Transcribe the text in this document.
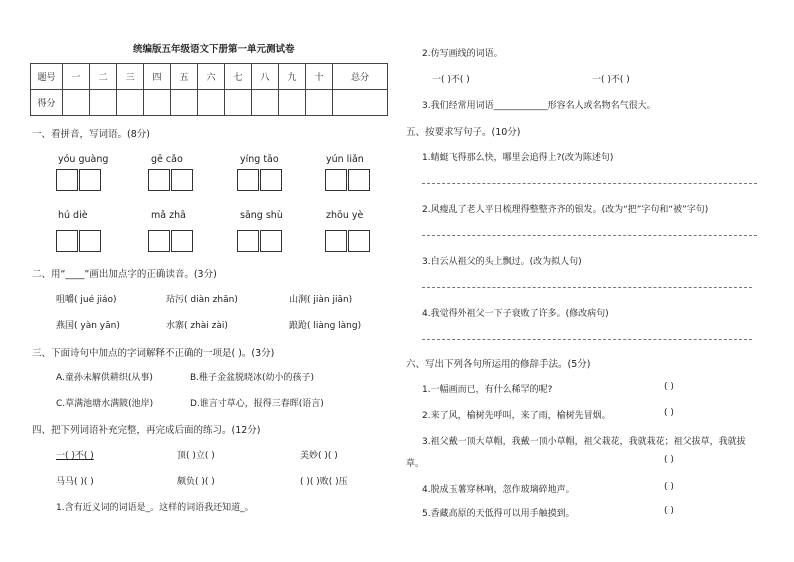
统编版五年级语文下册第一单元测试卷
题号	一	二	三	四	五	六	七	八	九	十	总分
得分											
一、看拼音，写词语。(8分)
yóu guàng	gē cǎo	yíng tāo	yún liǎn
hú diè	mǎ zhā	sāng shù	zhōu yè
二、用“____”画出加点字的正确读音。(3分)
咀嚼( jué jiáo)	玷污( diàn zhān)	山涧( jiàn jiān)
燕国( yàn yān)	水寨( zhài zài)	踉跄( liàng làng)
三、下面诗句中加点的字词解释不正确的一项是( )。(3分)
A.童孙未解供耕织(从事)	B.稚子金盆脱晓冰(幼小的孩子)
C.草满池塘水满陂(池岸)	D.谁言寸草心，报得三春晖(语言)
四、把下列词语补充完整，再完成后面的练习。(12分)
一( )不( )	顶( )立( )	美妙( )( )
马马( )( )	颇负( )( )	( )( )败( )压
1.含有近义词的词语是_。这样的词语我还知道_。
2.仿写画线的词语。
一( )不( )	一( )不( )
3.我们经常用词语____________形容名人或名物名气很大。
五、按要求写句子。(10分)
1.蜻蜓飞得那么快，哪里会追得上?(改为陈述句)
2.风瘦乱了老人平日梳理得整整齐齐的银发。(改为“把”字句和“被”字句)
3.白云从祖父的头上飘过。(改为拟人句)
4.我觉得外祖父一下子衰败了许多。(修改病句)
六、写出下列各句所运用的修辞手法。(5分)
1.一幅画而已，有什么稀罕的呢?	( )
2.来了风，榆树先呼叫，来了雨，榆树先冒烟。	( )
3.祖父戴一顶大草帽，我戴一顶小草帽，祖父栽花，我就栽花；祖父拔草，我就拔
草。	( )
4.脱成玉薯穿林响，忽作玻璃碎地声。	( )
5.香藏高原的天低得可以用手触摸到。	( )
